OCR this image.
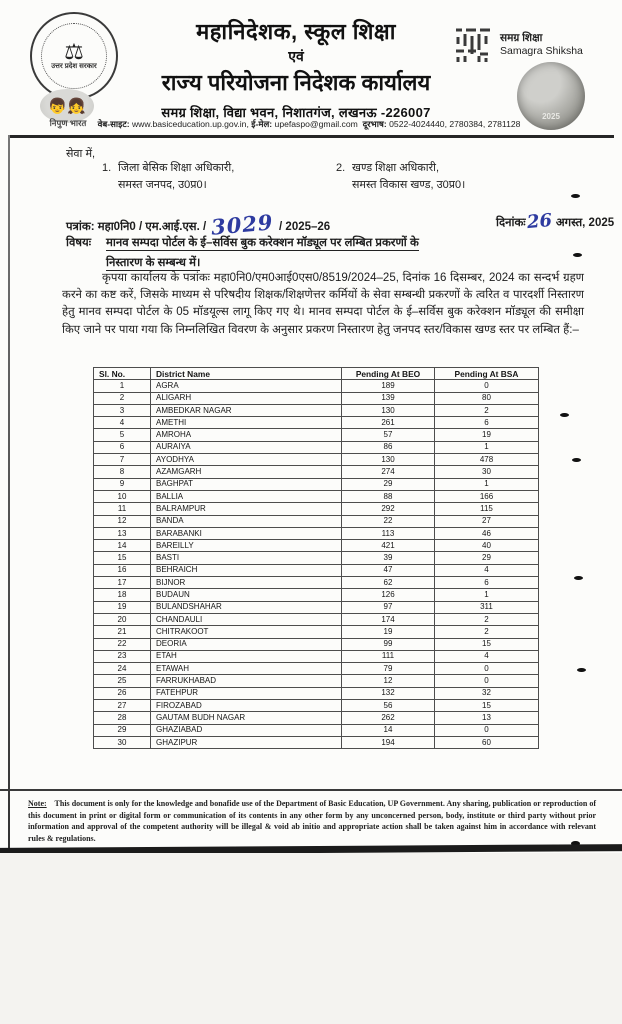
⚖
उत्तर प्रदेश सरकार
👦👧
निपुण भारत
महानिदेशक, स्कूल शिक्षा
एवं
राज्य परियोजना निदेशक कार्यालय
समग्र शिक्षा, विद्या भवन, निशातगंज, लखनऊ -226007
वेब-साइट: www.basiceducation.up.gov.in, ई-मेल: upefaspo@gmail.com दूरभाष: 0522-4024440, 2780384, 2781128
समग्र शिक्षा
Samagra Shiksha
2025
सेवा में,
1. जिला बेसिक शिक्षा अधिकारी,
समस्त जनपद, उ0प्र0।
2. खण्ड शिक्षा अधिकारी,
समस्त विकास खण्ड, उ0प्र0।
पत्रांक: महा0नि0 / एम.आई.एस. / 3029 / 2025–26	दिनांकः26 अगस्त, 2025
विषयः मानव सम्पदा पोर्टल के ई–सर्विस बुक करेक्शन मॉड्यूल पर लम्बित प्रकरणों के
निस्तारण के सम्बन्ध में।
कृपया कार्यालय के पत्रांकः महा0नि0/एम0आई0एस0/8519/2024–25, दिनांक 16 दिसम्बर, 2024 का सन्दर्भ ग्रहण करने का कष्ट करें, जिसके माध्यम से परिषदीय शिक्षक/शिक्षणेत्तर कर्मियों के सेवा सम्बन्धी प्रकरणों के त्वरित व पारदर्शी निस्तारण हेतु मानव सम्पदा पोर्टल के 05 मॉडयूल्स लागू किए गए थे। मानव सम्पदा पोर्टल के ई–सर्विस बुक करेक्शन मॉड्यूल की समीक्षा किए जाने पर पाया गया कि निम्नलिखित विवरण के अनुसार प्रकरण निस्तारण हेतु जनपद स्तर/विकास खण्ड स्तर पर लम्बित हैं:–
Sl. No.	District Name	Pending At BEO	Pending At BSA
1	AGRA	189	0
2	ALIGARH	139	80
3	AMBEDKAR NAGAR	130	2
4	AMETHI	261	6
5	AMROHA	57	19
6	AURAIYA	86	1
7	AYODHYA	130	478
8	AZAMGARH	274	30
9	BAGHPAT	29	1
10	BALLIA	88	166
11	BALRAMPUR	292	115
12	BANDA	22	27
13	BARABANKI	113	46
14	BAREILLY	421	40
15	BASTI	39	29
16	BEHRAICH	47	4
17	BIJNOR	62	6
18	BUDAUN	126	1
19	BULANDSHAHAR	97	311
20	CHANDAULI	174	2
21	CHITRAKOOT	19	2
22	DEORIA	99	15
23	ETAH	111	4
24	ETAWAH	79	0
25	FARRUKHABAD	12	0
26	FATEHPUR	132	32
27	FIROZABAD	56	15
28	GAUTAM BUDH NAGAR	262	13
29	GHAZIABAD	14	0
30	GHAZIPUR	194	60
Note: This document is only for the knowledge and bonafide use of the Department of Basic Education, UP Government. Any sharing, publication or reproduction of this document in print or digital form or communication of its contents in any other form by any unconcerned person, body, institute or third party without prior information and approval of the competent authority will be illegal & void ab initio and appropriate action shall be taken against him in accordance with relevant rules & regulations.
